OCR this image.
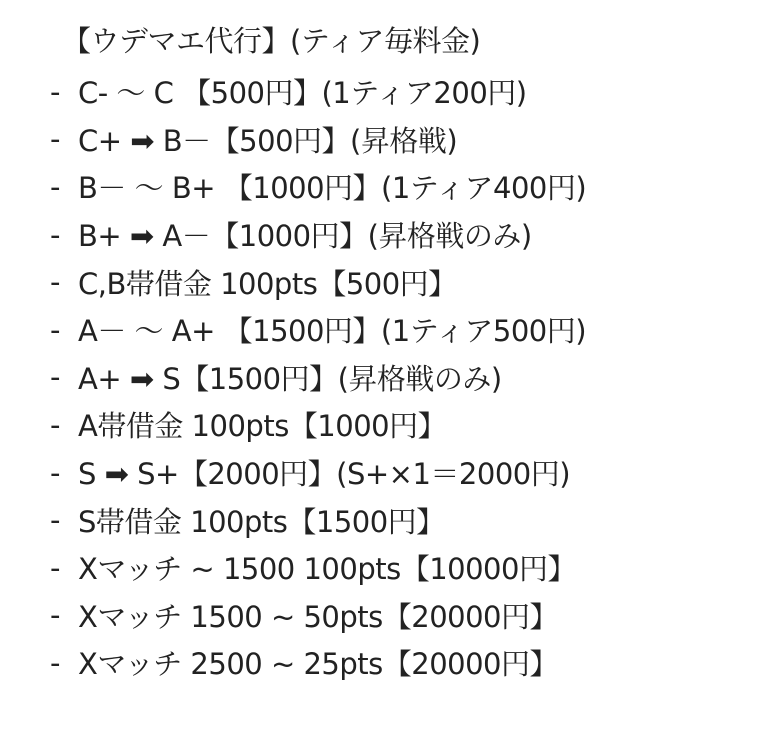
【ウデマエ代行】(ティア毎料金)
- C- 〜 C 【500円】(1ティア200円)
- C+ ➡ B－【500円】(昇格戦)
- B－ 〜 B+ 【1000円】(1ティア400円)
- B+ ➡ A－【1000円】(昇格戦のみ)
- C,B帯借金 100pts【500円】
- A－ 〜 A+ 【1500円】(1ティア500円)
- A+ ➡ S【1500円】(昇格戦のみ)
- A帯借金 100pts【1000円】
- S ➡ S+【2000円】(S+×1＝2000円)
- S帯借金 100pts【1500円】
- Xマッチ ~ 1500 100pts【10000円】
- Xマッチ 1500 ~ 50pts【20000円】
- Xマッチ 2500 ~ 25pts【20000円】
